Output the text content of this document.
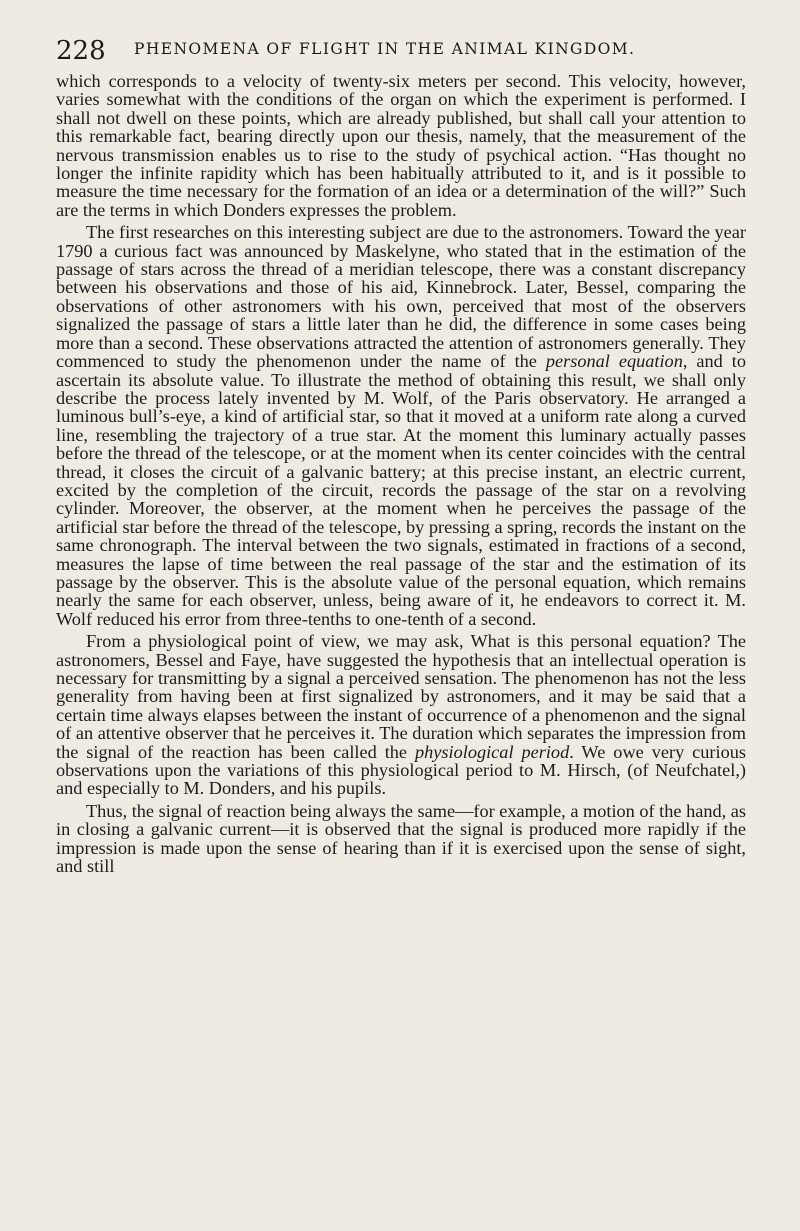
228 PHENOMENA OF FLIGHT IN THE ANIMAL KINGDOM.

which corresponds to a velocity of twenty-six meters per second. This velocity, however, varies somewhat with the conditions of the organ on which the experiment is performed. I shall not dwell on these points, which are already published, but shall call your attention to this remarkable fact, bearing directly upon our thesis, namely, that the measurement of the nervous transmission enables us to rise to the study of psychical action. “Has thought no longer the infinite rapidity which has been habitually attributed to it, and is it possible to measure the time necessary for the formation of an idea or a determination of the will?” Such are the terms in which Donders expresses the problem.

The first researches on this interesting subject are due to the astronomers. Toward the year 1790 a curious fact was announced by Maskelyne, who stated that in the estimation of the passage of stars across the thread of a meridian telescope, there was a constant discrepancy between his observations and those of his aid, Kinnebrock. Later, Bessel, comparing the observations of other astronomers with his own, perceived that most of the observers signalized the passage of stars a little later than he did, the difference in some cases being more than a second. These observations attracted the attention of astronomers generally. They commenced to study the phenomenon under the name of the personal equation, and to ascertain its absolute value. To illustrate the method of obtaining this result, we shall only describe the process lately invented by M. Wolf, of the Paris observatory. He arranged a luminous bull’s-eye, a kind of artificial star, so that it moved at a uniform rate along a curved line, resembling the trajectory of a true star. At the moment this luminary actually passes before the thread of the telescope, or at the moment when its center coincides with the central thread, it closes the circuit of a galvanic battery; at this precise instant, an electric current, excited by the completion of the circuit, records the passage of the star on a revolving cylinder. Moreover, the observer, at the moment when he perceives the passage of the artificial star before the thread of the telescope, by pressing a spring, records the instant on the same chronograph. The interval between the two signals, estimated in fractions of a second, measures the lapse of time between the real passage of the star and the estimation of its passage by the observer. This is the absolute value of the personal equation, which remains nearly the same for each observer, unless, being aware of it, he endeavors to correct it. M. Wolf reduced his error from three-tenths to one-tenth of a second.

From a physiological point of view, we may ask, What is this personal equation? The astronomers, Bessel and Faye, have suggested the hypothesis that an intellectual operation is necessary for transmitting by a signal a perceived sensation. The phenomenon has not the less generality from having been at first signalized by astronomers, and it may be said that a certain time always elapses between the instant of occurrence of a phenomenon and the signal of an attentive observer that he perceives it. The duration which separates the impression from the signal of the reaction has been called the physiological period. We owe very curious observations upon the variations of this physiological period to M. Hirsch, (of Neufchatel,) and especially to M. Donders, and his pupils.

Thus, the signal of reaction being always the same—for example, a motion of the hand, as in closing a galvanic current—it is observed that the signal is produced more rapidly if the impression is made upon the sense of hearing than if it is exercised upon the sense of sight, and still
